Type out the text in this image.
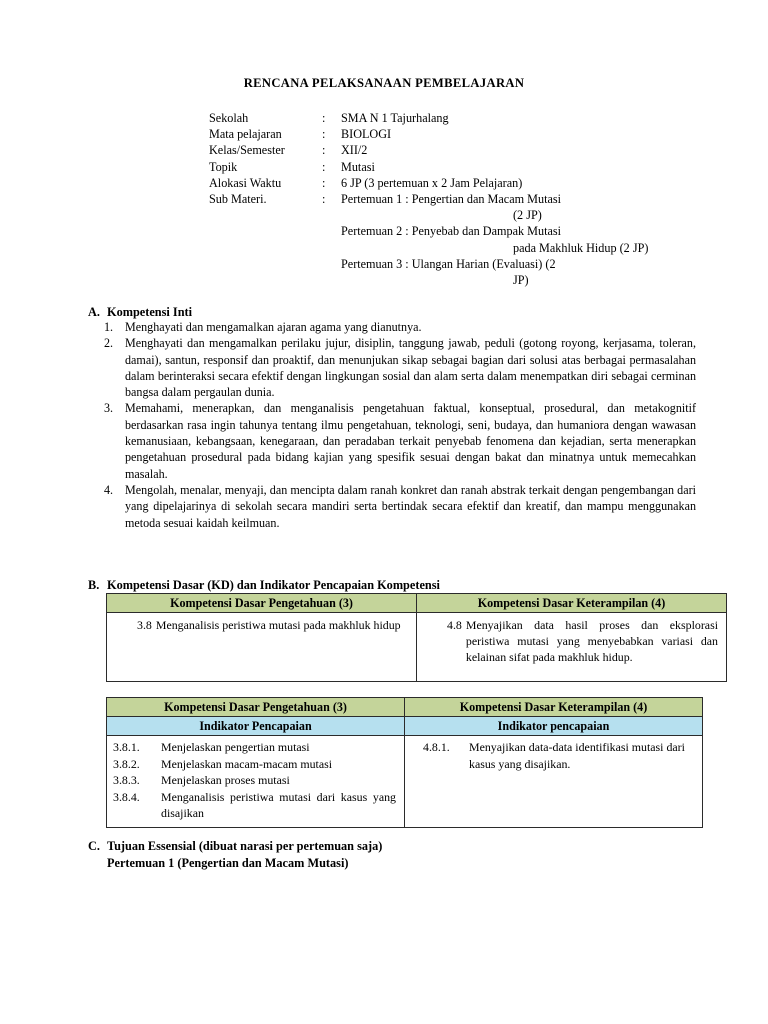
RENCANA PELAKSANAAN PEMBELAJARAN
Sekolah	:	SMA N 1 Tajurhalang
Mata pelajaran	:	BIOLOGI
Kelas/Semester	:	XII/2
Topik	:	Mutasi
Alokasi Waktu	:	6 JP (3 pertemuan x 2 Jam Pelajaran)
Sub Materi.	:	Pertemuan 1 : Pengertian dan Macam Mutasi
(2 JP)
Pertemuan 2 : Penyebab dan Dampak Mutasi
pada Makhluk Hidup (2 JP)
Pertemuan 3 : Ulangan Harian (Evaluasi) (2
JP)
A. Kompetensi Inti
1. Menghayati dan mengamalkan ajaran agama yang dianutnya.
2. Menghayati dan mengamalkan perilaku jujur, disiplin, tanggung jawab, peduli (gotong royong, kerjasama, toleran, damai), santun, responsif dan proaktif, dan menunjukan sikap sebagai bagian dari solusi atas berbagai permasalahan dalam berinteraksi secara efektif dengan lingkungan sosial dan alam serta dalam menempatkan diri sebagai cerminan bangsa dalam pergaulan dunia.
3. Memahami, menerapkan, dan menganalisis pengetahuan faktual, konseptual, prosedural, dan metakognitif berdasarkan rasa ingin tahunya tentang ilmu pengetahuan, teknologi, seni, budaya, dan humaniora dengan wawasan kemanusiaan, kebangsaan, kenegaraan, dan peradaban terkait penyebab fenomena dan kejadian, serta menerapkan pengetahuan prosedural pada bidang kajian yang spesifik sesuai dengan bakat dan minatnya untuk memecahkan masalah.
4. Mengolah, menalar, menyaji, dan mencipta dalam ranah konkret dan ranah abstrak terkait dengan pengembangan dari yang dipelajarinya di sekolah secara mandiri serta bertindak secara efektif dan kreatif, dan mampu menggunakan metoda sesuai kaidah keilmuan.
B. Kompetensi Dasar (KD) dan Indikator Pencapaian Kompetensi
Kompetensi Dasar Pengetahuan (3)	Kompetensi Dasar Keterampilan (4)

3.8 Menganalisis peristiwa mutasi pada makhluk hidup	4.8 Menyajikan data hasil proses dan eksplorasi peristiwa mutasi yang menyebabkan variasi dan kelainan sifat pada makhluk hidup.
Kompetensi Dasar Pengetahuan (3)	Kompetensi Dasar Keterampilan (4)
Indikator Pencapaian	Indikator pencapaian

3.8.1.	Menjelaskan pengertian mutasi
3.8.2.	Menjelaskan macam-macam mutasi
3.8.3.	Menjelaskan proses mutasi
3.8.4.	Menganalisis peristiwa mutasi dari kasus yang disajikan

4.8.1.	Menyajikan data-data identifikasi mutasi dari kasus yang disajikan.
C. Tujuan Essensial (dibuat narasi per pertemuan saja)
Pertemuan 1 (Pengertian dan Macam Mutasi)
